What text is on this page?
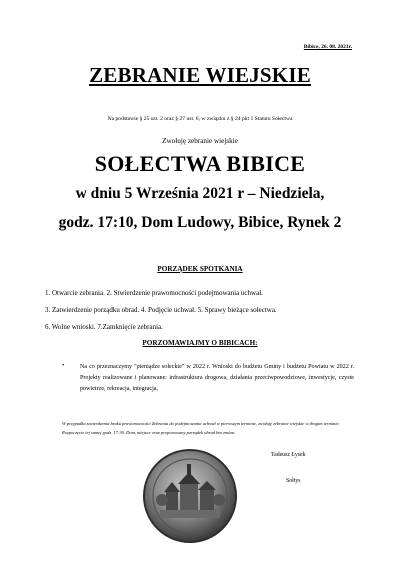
Bibice, 26. 08. 2021r.
ZEBRANIE WIEJSKIE
Na podstawie § 25 ust. 2 oraz § 27 ust. 6, w związku z § 24 pkt 1 Statutu Sołectwa
Zwołuję zebranie wiejskie
SOŁECTWA BIBICE
w dniu 5 Września 2021 r – Niedziela,
godz. 17:10, Dom Ludowy, Bibice, Rynek 2
PORZĄDEK SPOTKANIA
1. Otwarcie zebrania. 2. Stwierdzenie prawomocności podejmowania uchwał.
3. Zatwierdzenie porządku obrad. 4. Podjęcie uchwał. 5. Sprawy bieżące sołectwa.
6. Wolne wnioski. 7.Zamknięcie zebrania.
PORZOMAWIAJMY O BIBICACH:
•	Na co przeznaczymy "pieniądze sołeckie" w 2022 r. Wnioski do budżetu Gminy i budżetu Powiatu w 2022 r. Projekty realizowane i planowane: infrastruktura drogowa, działania przeciwpowodziowe, inwestycje, czyste powietrze, rekreacja, integracja,
W przypadku stwierdzenia braku prawomocności Zebrania do podejmowania uchwał w pierwszym terminie, zwołuję zebranie wiejskie w drugim terminie. Rozpoczęcie tej samej godz. 17:30. Dom, miejsce oraz proponowany porządek obrad bez zmian.
Tadeusz Łysek
Sołtys
